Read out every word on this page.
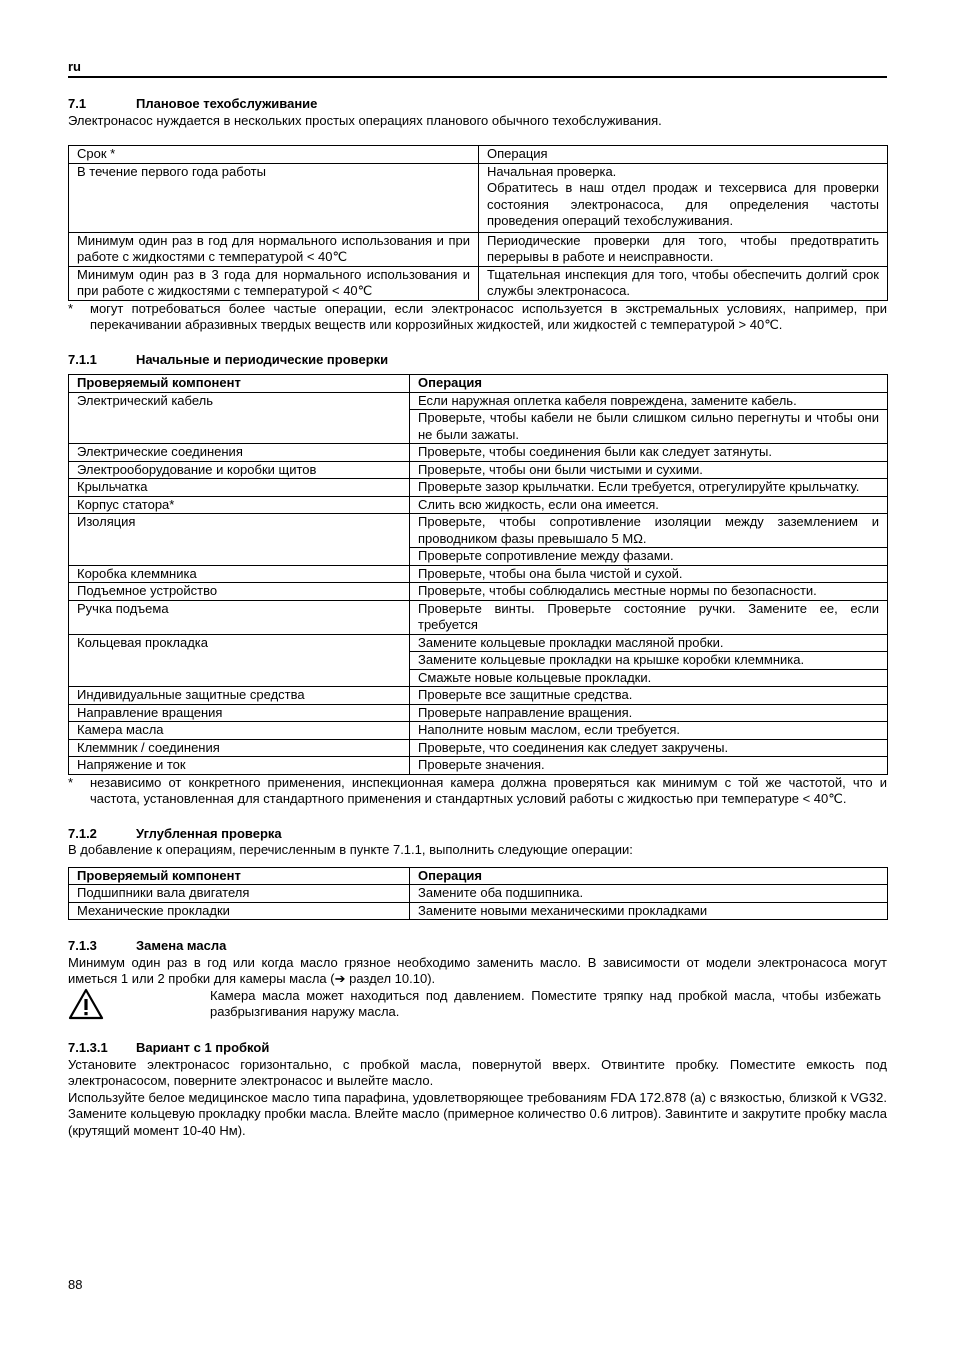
ru
7.1	Плановое техобслуживание

Электронасос нуждается в нескольких простых операциях планового обычного техобслуживания.

Срок *	Операция
В течение первого года работы	Начальная проверка.
Обратитесь в наш отдел продаж и техсервиса для проверки состояния электронасоса, для определения частоты проведения операций техобслуживания.

Минимум один раз в год для нормального использования и при работе с жидкостями с температурой < 40℃	Периодические проверки для того, чтобы предотвратить перерывы в работе и неисправности.
Минимум один раз в 3 года для нормального использования и при работе с жидкостями с температурой < 40℃	Тщательная инспекция для того, чтобы обеспечить долгий срок службы электронасоса.
*	могут потребоваться более частые операции, если электронасос используется в экстремальных условиях, например, при перекачивании абразивных твердых веществ или коррозийных жидкостей, или жидкостей с температурой > 40℃.
7.1.1	Начальные и периодические проверки
Проверяемый компонент	Операция
Электрический кабель	Если наружная оплетка кабеля повреждена, замените кабель.
	Проверьте, чтобы кабели не были слишком сильно перегнуты и чтобы они не были зажаты.
Электрические соединения	Проверьте, чтобы соединения были как следует затянуты.
Электрооборудование и коробки щитов	Проверьте, чтобы они были чистыми и сухими.
Крыльчатка	Проверьте зазор крыльчатки. Если требуется, отрегулируйте крыльчатку.
Корпус статора*	Слить всю жидкость, если она имеется.
Изоляция	Проверьте, чтобы сопротивление изоляции между заземлением и проводником фазы превышало 5 MΩ.
	Проверьте сопротивление между фазами.
Коробка клеммника	Проверьте, чтобы она была чистой и сухой.
Подъемное устройство	Проверьте, чтобы соблюдались местные нормы по безопасности.
Ручка подъема	Проверьте винты. Проверьте состояние ручки. Замените ее, если требуется
Кольцевая прокладка	Замените кольцевые прокладки масляной пробки.
	Замените кольцевые прокладки на крышке коробки клеммника.
	Смажьте новые кольцевые прокладки.
Индивидуальные защитные средства	Проверьте все защитные средства.
Направление вращения	Проверьте направление вращения.
Камера масла	Наполните новым маслом, если требуется.
Клеммник / соединения	Проверьте, что соединения как следует закручены.
Напряжение и ток	Проверьте значения.
*	независимо от конкретного применения, инспекционная камера должна проверяться как минимум с той же частотой, что и частота, установленная для стандартного применения и стандартных условий работы с жидкостью при температуре < 40℃.
7.1.2	Углубленная проверка

В добавление к операциям, перечисленным в пункте 7.1.1, выполнить следующие операции:

Проверяемый компонент	Операция
Подшипники вала двигателя	Замените оба подшипника.
Механические прокладки	Замените новыми механическими прокладками
7.1.3	Замена масла

Минимум один раз в год или когда масло грязное необходимо заменить масло. В зависимости от модели электронасоса могут иметься 1 или 2 пробки для камеры масла (➔ раздел 10.10).

Камера масла может находиться под давлением. Поместите тряпку над пробкой масла, чтобы избежать разбрызгивания наружу масла.
7.1.3.1	Вариант с 1 пробкой

Установите электронасос горизонтально, с пробкой масла, повернутой вверх. Отвинтите пробку. Поместите емкость под электронасосом, поверните электронасос и вылейте масло.

Используйте белое медицинское масло типа парафина, удовлетворяющее требованиям FDA 172.878 (a) с вязкостью, близкой к VG32. Замените кольцевую прокладку пробки масла. Влейте масло (примерное количество 0.6 литров). Завинтите и закрутите пробку масла (крутящий момент 10-40 Нм).

88
